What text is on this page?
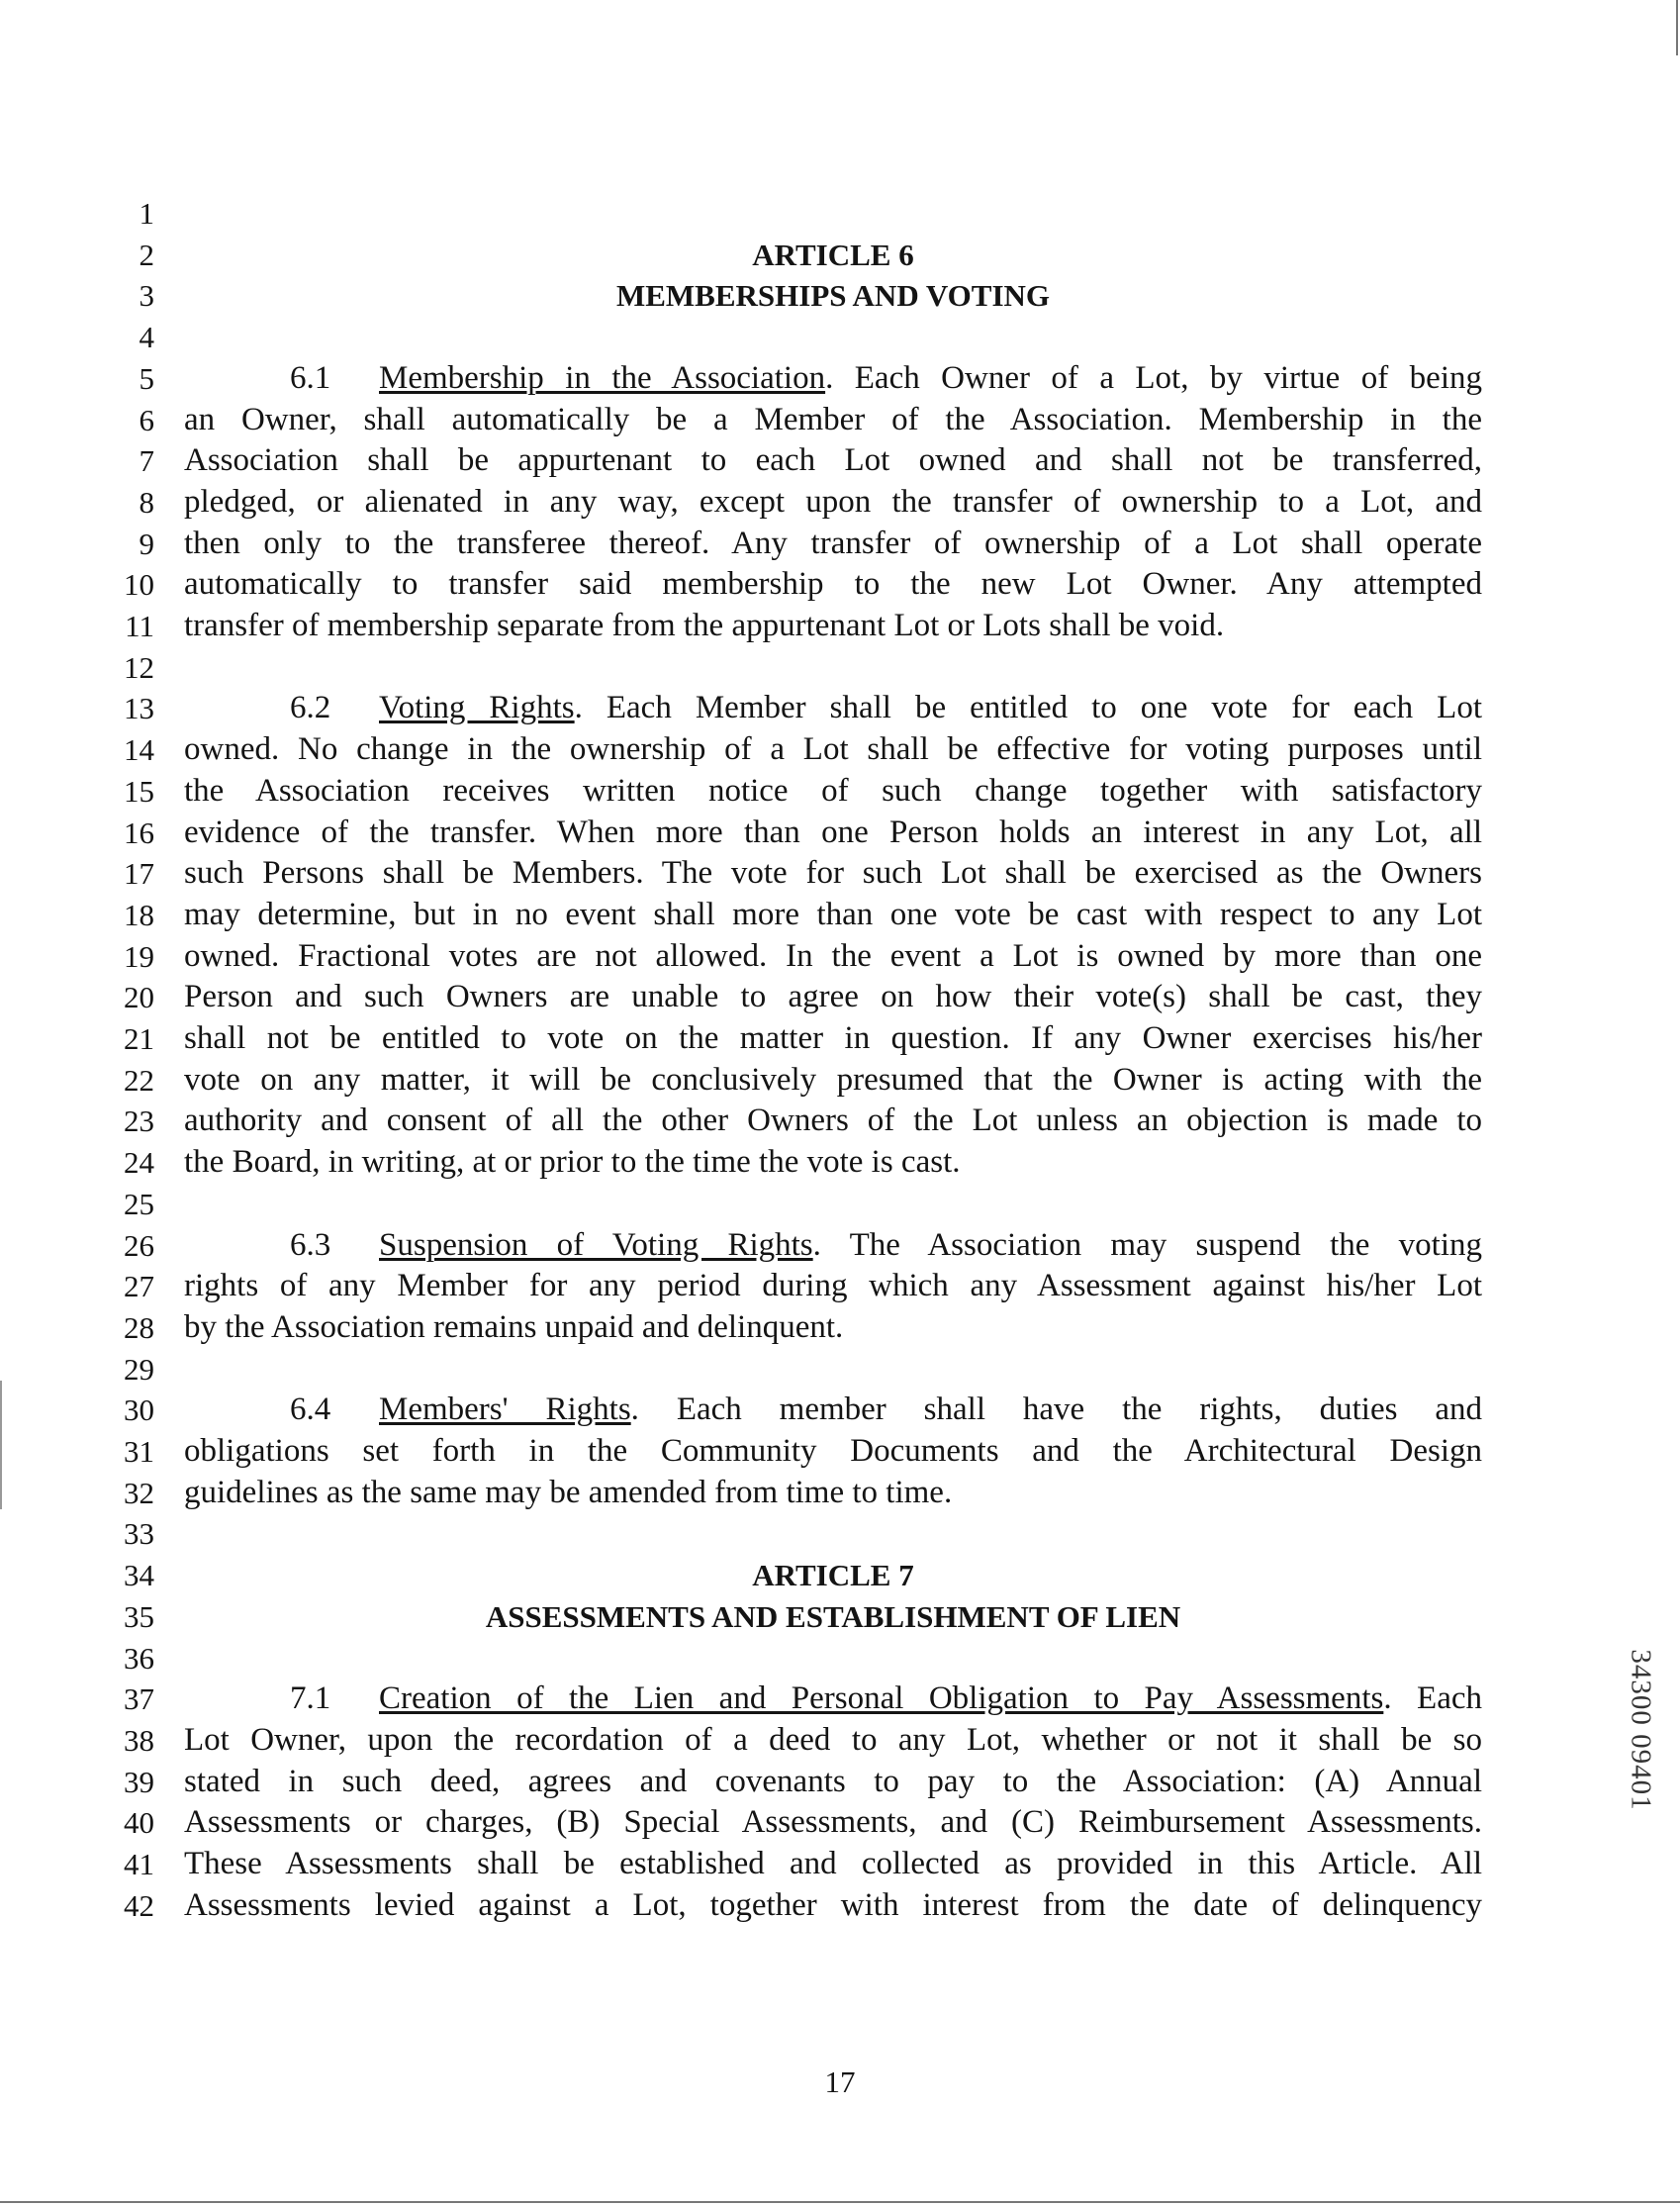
1
2
3
4
5
6
7
8
9
10
11
12
13
14
15
16
17
18
19
20
21
22
23
24
25
26
27
28
29
30
31
32
33
34
35
36
37
38
39
40
41
42
ARTICLE 6
MEMBERSHIPS AND VOTING
6.1 Membership in the Association. Each Owner of a Lot, by virtue of being
an Owner, shall automatically be a Member of the Association. Membership in the
Association shall be appurtenant to each Lot owned and shall not be transferred,
pledged, or alienated in any way, except upon the transfer of ownership to a Lot, and
then only to the transferee thereof. Any transfer of ownership of a Lot shall operate
automatically to transfer said membership to the new Lot Owner. Any attempted
transfer of membership separate from the appurtenant Lot or Lots shall be void.
6.2 Voting Rights. Each Member shall be entitled to one vote for each Lot
owned. No change in the ownership of a Lot shall be effective for voting purposes until
the Association receives written notice of such change together with satisfactory
evidence of the transfer. When more than one Person holds an interest in any Lot, all
such Persons shall be Members. The vote for such Lot shall be exercised as the Owners
may determine, but in no event shall more than one vote be cast with respect to any Lot
owned. Fractional votes are not allowed. In the event a Lot is owned by more than one
Person and such Owners are unable to agree on how their vote(s) shall be cast, they
shall not be entitled to vote on the matter in question. If any Owner exercises his/her
vote on any matter, it will be conclusively presumed that the Owner is acting with the
authority and consent of all the other Owners of the Lot unless an objection is made to
the Board, in writing, at or prior to the time the vote is cast.
6.3 Suspension of Voting Rights. The Association may suspend the voting
rights of any Member for any period during which any Assessment against his/her Lot
by the Association remains unpaid and delinquent.
6.4 Members' Rights. Each member shall have the rights, duties and
obligations set forth in the Community Documents and the Architectural Design
guidelines as the same may be amended from time to time.
ARTICLE 7
ASSESSMENTS AND ESTABLISHMENT OF LIEN
7.1 Creation of the Lien and Personal Obligation to Pay Assessments. Each
Lot Owner, upon the recordation of a deed to any Lot, whether or not it shall be so
stated in such deed, agrees and covenants to pay to the Association: (A) Annual
Assessments or charges, (B) Special Assessments, and (C) Reimbursement Assessments.
These Assessments shall be established and collected as provided in this Article. All
Assessments levied against a Lot, together with interest from the date of delinquency
17
34300 09401
